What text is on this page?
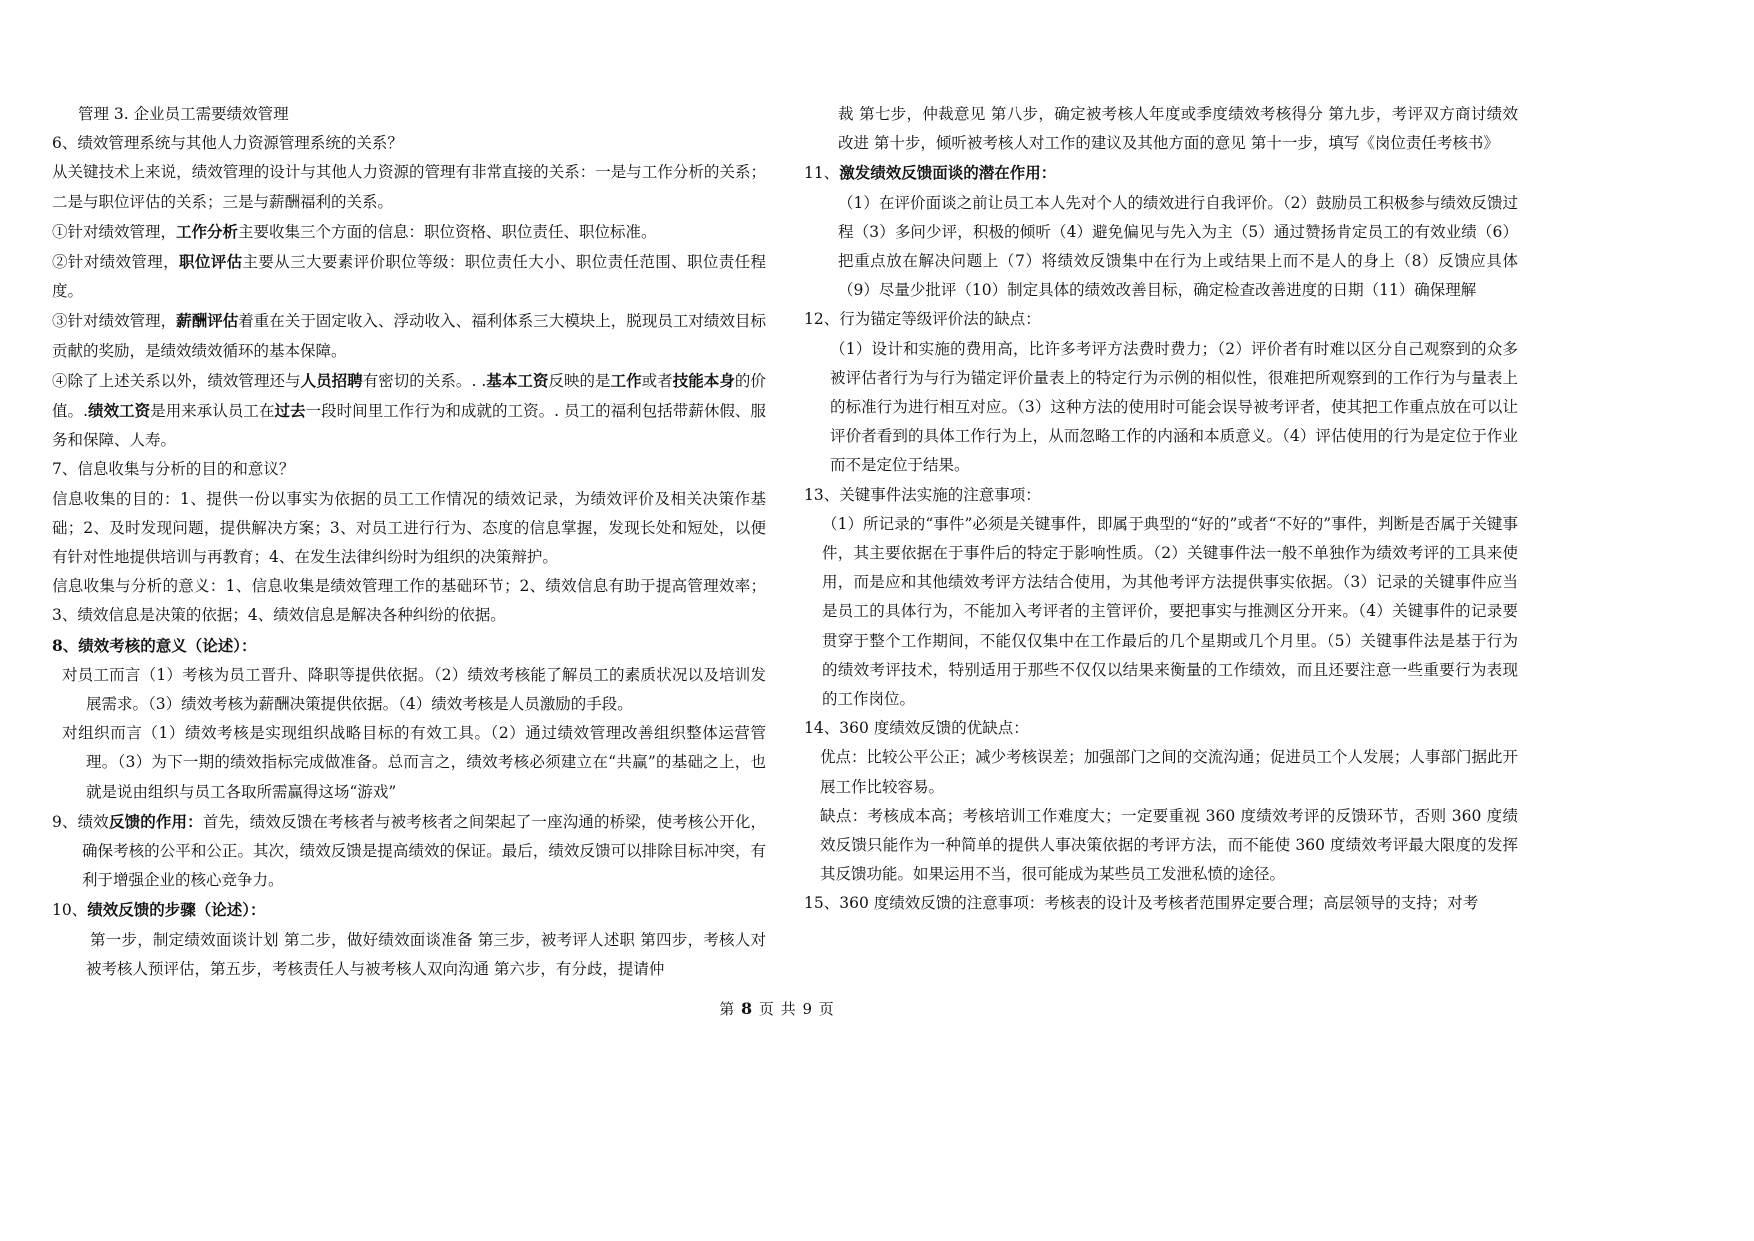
管理 3. 企业员工需要绩效管理

6、绩效管理系统与其他人力资源管理系统的关系？

从关键技术上来说，绩效管理的设计与其他人力资源的管理有非常直接的关系：一是与工作分析的关系；二是与职位评估的关系；三是与薪酬福利的关系。

①针对绩效管理，工作分析主要收集三个方面的信息：职位资格、职位责任、职位标准。

②针对绩效管理，职位评估主要从三大要素评价职位等级：职位责任大小、职位责任范围、职位责任程度。

③针对绩效管理，薪酬评估着重在关于固定收入、浮动收入、福利体系三大模块上，脱现员工对绩效目标贡献的奖励，是绩效绩效循环的基本保障。

④除了上述关系以外，绩效管理还与人员招聘有密切的关系。. .基本工资反映的是工作或者技能本身的价值。.绩效工资是用来承认员工在过去一段时间里工作行为和成就的工资。. 员工的福利包括带薪休假、服务和保障、人寿。

7、信息收集与分析的目的和意议？

信息收集的目的：1、提供一份以事实为依据的员工工作情况的绩效记录，为绩效评价及相关决策作基础；2、及时发现问题，提供解决方案；3、对员工进行行为、态度的信息掌握，发现长处和短处，以便有针对性地提供培训与再教育；4、在发生法律纠纷时为组织的决策辩护。

信息收集与分析的意义：1、信息收集是绩效管理工作的基础环节；2、绩效信息有助于提高管理效率；3、绩效信息是决策的依据；4、绩效信息是解决各种纠纷的依据。

8、绩效考核的意义（论述）：

对员工而言（1）考核为员工晋升、降职等提供依据。（2）绩效考核能了解员工的素质状况以及培训发展需求。（3）绩效考核为薪酬决策提供依据。（4）绩效考核是人员激励的手段。

对组织而言（1）绩效考核是实现组织战略目标的有效工具。（2）通过绩效管理改善组织整体运营管理。（3）为下一期的绩效指标完成做准备。总而言之，绩效考核必须建立在“共赢”的基础之上，也就是说由组织与员工各取所需赢得这场“游戏”

9、绩效反馈的作用：首先，绩效反馈在考核者与被考核者之间架起了一座沟通的桥梁，使考核公开化，确保考核的公平和公正。其次，绩效反馈是提高绩效的保证。最后，绩效反馈可以排除目标冲突，有利于增强企业的核心竞争力。

10、绩效反馈的步骤（论述）：

第一步，制定绩效面谈计划 第二步，做好绩效面谈准备 第三步，被考评人述职 第四步，考核人对被考核人预评估，第五步，考核责任人与被考核人双向沟通 第六步，有分歧，提请仲

裁 第七步，仲裁意见 第八步，确定被考核人年度或季度绩效考核得分 第九步，考评双方商讨绩效改进 第十步，倾听被考核人对工作的建议及其他方面的意见 第十一步，填写《岗位责任考核书》

11、激发绩效反馈面谈的潜在作用：

（1）在评价面谈之前让员工本人先对个人的绩效进行自我评价。（2）鼓励员工积极参与绩效反馈过程（3）多问少评，积极的倾听（4）避免偏见与先入为主（5）通过赞扬肯定员工的有效业绩（6）把重点放在解决问题上（7）将绩效反馈集中在行为上或结果上而不是人的身上（8）反馈应具体（9）尽量少批评（10）制定具体的绩效改善目标，确定检查改善进度的日期（11）确保理解

12、行为锚定等级评价法的缺点：

（1）设计和实施的费用高，比许多考评方法费时费力；（2）评价者有时难以区分自己观察到的众多被评估者行为与行为锚定评价量表上的特定行为示例的相似性，很难把所观察到的工作行为与量表上的标准行为进行相互对应。（3）这种方法的使用时可能会误导被考评者，使其把工作重点放在可以让评价者看到的具体工作行为上，从而忽略工作的内涵和本质意义。（4）评估使用的行为是定位于作业而不是定位于结果。

13、关键事件法实施的注意事项：

（1）所记录的“事件”必须是关键事件，即属于典型的“好的”或者“不好的”事件，判断是否属于关键事件，其主要依据在于事件后的特定于影响性质。（2）关键事件法一般不单独作为绩效考评的工具来使用，而是应和其他绩效考评方法结合使用，为其他考评方法提供事实依据。（3）记录的关键事件应当是员工的具体行为，不能加入考评者的主管评价，要把事实与推测区分开来。（4）关键事件的记录要贯穿于整个工作期间，不能仅仅集中在工作最后的几个星期或几个月里。（5）关键事件法是基于行为的绩效考评技术，特别适用于那些不仅仅以结果来衡量的工作绩效，而且还要注意一些重要行为表现的工作岗位。

14、360 度绩效反馈的优缺点：

优点：比较公平公正；减少考核误差；加强部门之间的交流沟通；促进员工个人发展；人事部门据此开展工作比较容易。

缺点：考核成本高；考核培训工作难度大；一定要重视 360 度绩效考评的反馈环节，否则 360 度绩效反馈只能作为一种简单的提供人事决策依据的考评方法，而不能使 360 度绩效考评最大限度的发挥其反馈功能。如果运用不当，很可能成为某些员工发泄私愤的途径。

15、360 度绩效反馈的注意事项：考核表的设计及考核者范围界定要合理；高层领导的支持；对考

第 8 页 共 9 页
